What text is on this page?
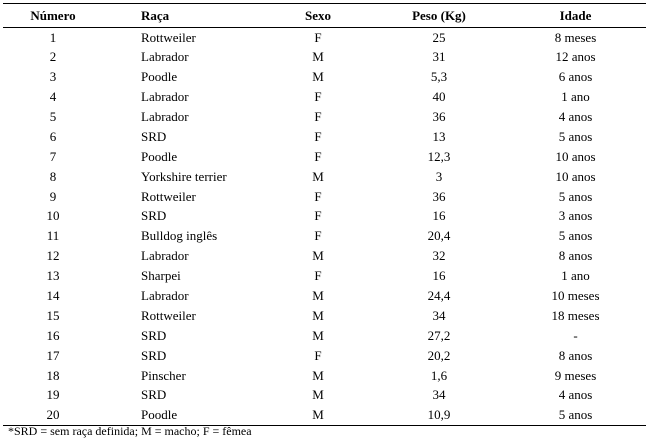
Número	Raça	Sexo	Peso (Kg)	Idade
1	Rottweiler	F	25	8 meses
2	Labrador	M	31	12 anos
3	Poodle	M	5,3	6 anos
4	Labrador	F	40	1 ano
5	Labrador	F	36	4 anos
6	SRD	F	13	5 anos
7	Poodle	F	12,3	10 anos
8	Yorkshire terrier	M	3	10 anos
9	Rottweiler	F	36	5 anos
10	SRD	F	16	3 anos
11	Bulldog inglês	F	20,4	5 anos
12	Labrador	M	32	8 anos
13	Sharpei	F	16	1 ano
14	Labrador	M	24,4	10 meses
15	Rottweiler	M	34	18 meses
16	SRD	M	27,2	-
17	SRD	F	20,2	8 anos
18	Pinscher	M	1,6	9 meses
19	SRD	M	34	4 anos
20	Poodle	M	10,9	5 anos
*SRD = sem raça definida; M = macho; F = fêmea
